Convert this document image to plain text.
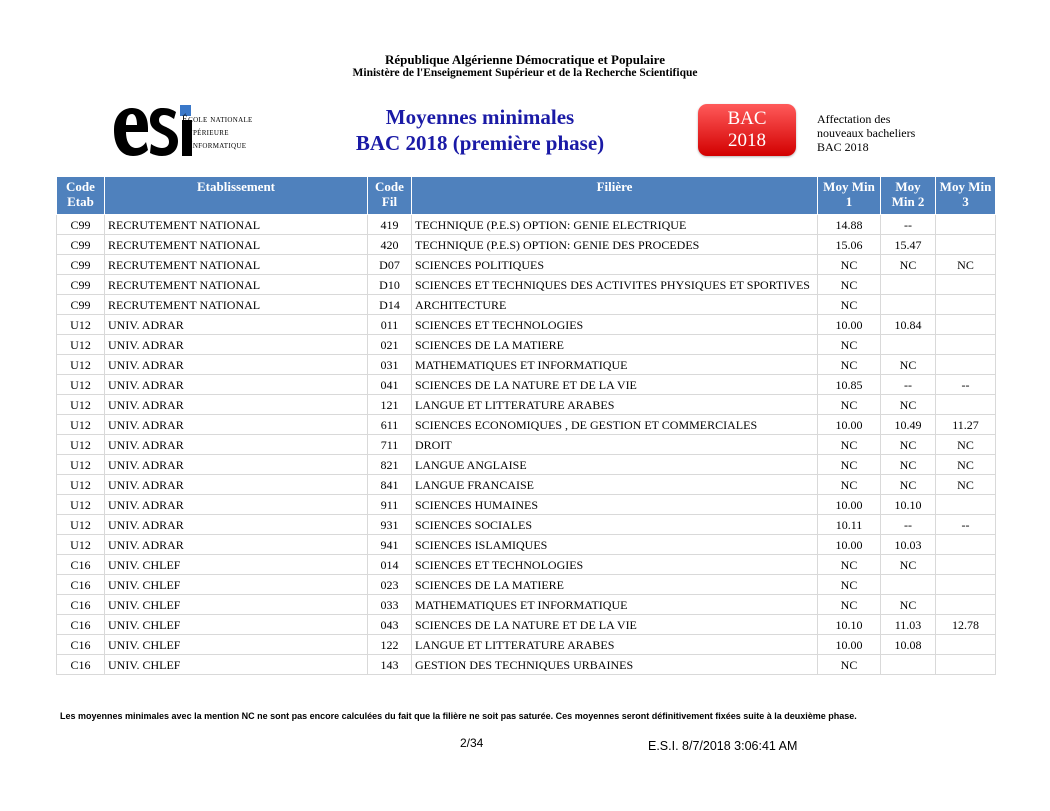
République Algérienne Démocratique et Populaire
Ministère de l'Enseignement Supérieur et de la Recherche Scientifique
École nationale
Supérieure
d'Informatique
Moyennes minimales
BAC 2018 (première phase)
BAC
2018
Affectation des
nouveaux bacheliers
BAC 2018
Code Etab	Etablissement	Code Fil	Filière	Moy Min 1	Moy Min 2	Moy Min 3
C99	RECRUTEMENT NATIONAL	419	TECHNIQUE (P.E.S) OPTION: GENIE ELECTRIQUE	14.88	--	
C99	RECRUTEMENT NATIONAL	420	TECHNIQUE (P.E.S) OPTION: GENIE DES PROCEDES	15.06	15.47	
C99	RECRUTEMENT NATIONAL	D07	SCIENCES POLITIQUES	NC	NC	NC
C99	RECRUTEMENT NATIONAL	D10	SCIENCES ET TECHNIQUES DES ACTIVITES PHYSIQUES ET SPORTIVES	NC		
C99	RECRUTEMENT NATIONAL	D14	ARCHITECTURE	NC		
U12	UNIV. ADRAR	011	SCIENCES ET TECHNOLOGIES	10.00	10.84	
U12	UNIV. ADRAR	021	SCIENCES DE LA MATIERE	NC		
U12	UNIV. ADRAR	031	MATHEMATIQUES ET INFORMATIQUE	NC	NC	
U12	UNIV. ADRAR	041	SCIENCES DE LA NATURE ET DE LA VIE	10.85	--	--
U12	UNIV. ADRAR	121	LANGUE ET LITTERATURE ARABES	NC	NC	
U12	UNIV. ADRAR	611	SCIENCES ECONOMIQUES , DE GESTION ET COMMERCIALES	10.00	10.49	11.27
U12	UNIV. ADRAR	711	DROIT	NC	NC	NC
U12	UNIV. ADRAR	821	LANGUE ANGLAISE	NC	NC	NC
U12	UNIV. ADRAR	841	LANGUE FRANCAISE	NC	NC	NC
U12	UNIV. ADRAR	911	SCIENCES HUMAINES	10.00	10.10	
U12	UNIV. ADRAR	931	SCIENCES SOCIALES	10.11	--	--
U12	UNIV. ADRAR	941	SCIENCES ISLAMIQUES	10.00	10.03	
C16	UNIV. CHLEF	014	SCIENCES ET TECHNOLOGIES	NC	NC	
C16	UNIV. CHLEF	023	SCIENCES DE LA MATIERE	NC		
C16	UNIV. CHLEF	033	MATHEMATIQUES ET INFORMATIQUE	NC	NC	
C16	UNIV. CHLEF	043	SCIENCES DE LA NATURE ET DE LA VIE	10.10	11.03	12.78
C16	UNIV. CHLEF	122	LANGUE ET LITTERATURE ARABES	10.00	10.08	
C16	UNIV. CHLEF	143	GESTION DES TECHNIQUES URBAINES	NC		
Les moyennes minimales avec la mention NC ne sont pas encore calculées du fait que la filière ne soit pas saturée. Ces moyennes seront définitivement fixées suite à la deuxième phase.
2/34	E.S.I. 8/7/2018 3:06:41 AM
